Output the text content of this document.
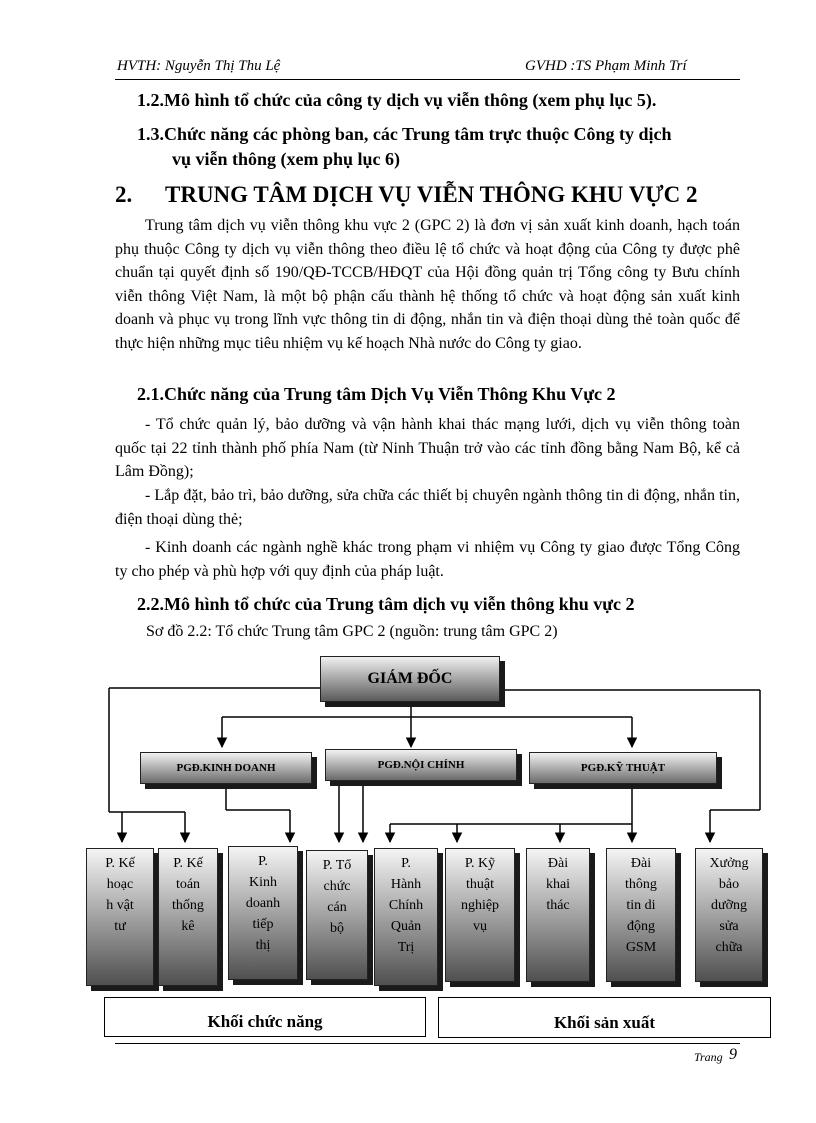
HVTH: Nguyễn Thị Thu Lệ	GVHD :TS Phạm Minh Trí
1.2.Mô hình tổ chức của công ty dịch vụ viễn thông (xem phụ lục 5).
1.3.Chức năng các phòng ban, các Trung tâm trực thuộc Công ty dịch
vụ viễn thông (xem phụ lục 6)
2. TRUNG TÂM DỊCH VỤ VIỄN THÔNG KHU VỰC 2

Trung tâm dịch vụ viễn thông khu vực 2 (GPC 2) là đơn vị sản xuất kinh doanh, hạch toán phụ thuộc Công ty dịch vụ viễn thông theo điều lệ tổ chức và hoạt động của Công ty được phê chuẩn tại quyết định số 190/QĐ-TCCB/HĐQT của Hội đồng quản trị Tổng công ty Bưu chính viễn thông Việt Nam, là một bộ phận cấu thành hệ thống tổ chức và hoạt động sản xuất kinh doanh và phục vụ trong lĩnh vực thông tin di động, nhắn tin và điện thoại dùng thẻ toàn quốc để thực hiện những mục tiêu nhiệm vụ kế hoạch Nhà nước do Công ty giao.

2.1.Chức năng của Trung tâm Dịch Vụ Viễn Thông Khu Vực 2

- Tổ chức quản lý, bảo dưỡng và vận hành khai thác mạng lưới, dịch vụ viễn thông toàn quốc tại 22 tỉnh thành phố phía Nam (từ Ninh Thuận trở vào các tỉnh đồng bằng Nam Bộ, kể cả Lâm Đồng);

- Lắp đặt, bảo trì, bảo dưỡng, sửa chữa các thiết bị chuyên ngành thông tin di động, nhắn tin, điện thoại dùng thẻ;

- Kinh doanh các ngành nghề khác trong phạm vi nhiệm vụ Công ty giao được Tổng Công ty cho phép và phù hợp với quy định của pháp luật.

2.2.Mô hình tổ chức của Trung tâm dịch vụ viễn thông khu vực 2
Sơ đồ 2.2: Tổ chức Trung tâm GPC 2 (nguồn: trung tâm GPC 2)
GIÁM ĐỐC
PGĐ.KINH DOANH	PGĐ.NỘI CHÍNH	PGĐ.KỸ THUẬT
P. Kế
hoạc
h vật
tư
P. Kế
toán
thống
kê
P.
Kinh
doanh
tiếp
thị
P. Tổ
chức
cán
bộ
P.
Hành
Chính
Quản
Trị
P. Kỹ
thuật
nghiệp
vụ
Đài
khai
thác
Đài
thông
tin di
động
GSM
Xưởng
bảo
dưỡng
sửa
chữa
Khối chức năng	Khối sản xuất
Trang 9
